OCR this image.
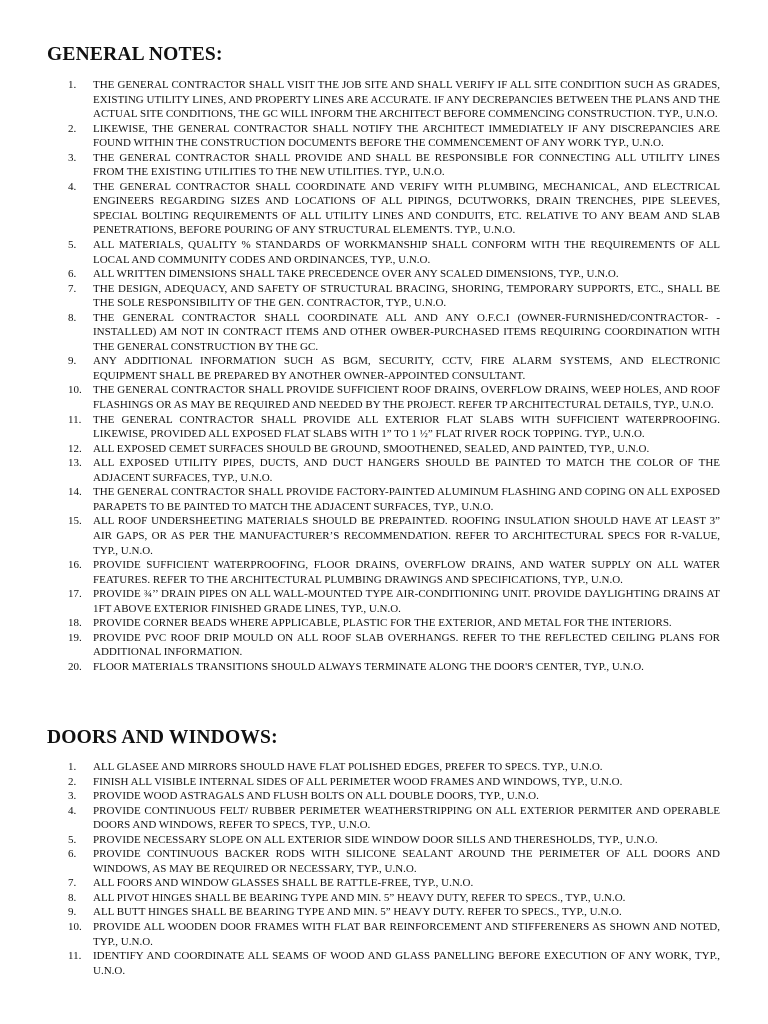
GENERAL NOTES:
1.	THE GENERAL CONTRACTOR SHALL VISIT THE JOB SITE AND SHALL VERIFY IF ALL SITE CONDITION SUCH AS GRADES, EXISTING UTILITY LINES, AND PROPERTY LINES ARE ACCURATE. IF ANY DECREPANCIES BETWEEN THE PLANS AND THE ACTUAL SITE CONDITIONS, THE GC WILL INFORM THE ARCHITECT BEFORE COMMENCING CONSTRUCTION. TYP., U.N.O.
2.	LIKEWISE, THE GENERAL CONTRACTOR SHALL NOTIFY THE ARCHITECT IMMEDIATELY IF ANY DISCREPANCIES ARE FOUND WITHIN THE CONSTRUCTION DOCUMENTS BEFORE THE COMMENCEMENT OF ANY WORK TYP., U.N.O.
3.	THE GENERAL CONTRACTOR SHALL PROVIDE AND SHALL BE RESPONSIBLE FOR CONNECTING ALL UTILITY LINES FROM THE EXISTING UTILITIES TO THE NEW UTILITIES. TYP., U.N.O.
4.	THE GENERAL CONTRACTOR SHALL COORDINATE AND VERIFY WITH PLUMBING, MECHANICAL, AND ELECTRICAL ENGINEERS REGARDING SIZES AND LOCATIONS OF ALL PIPINGS, DCUTWORKS, DRAIN TRENCHES, PIPE SLEEVES, SPECIAL BOLTING REQUIREMENTS OF ALL UTILITY LINES AND CONDUITS, ETC. RELATIVE TO ANY BEAM AND SLAB PENETRATIONS, BEFORE POURING OF ANY STRUCTURAL ELEMENTS. TYP., U.N.O.
5.	ALL MATERIALS, QUALITY % STANDARDS OF WORKMANSHIP SHALL CONFORM WITH THE REQUIREMENTS OF ALL LOCAL AND COMMUNITY CODES AND ORDINANCES, TYP., U.N.O.
6.	ALL WRITTEN DIMENSIONS SHALL TAKE PRECEDENCE OVER ANY SCALED DIMENSIONS, TYP., U.N.O.
7.	THE DESIGN, ADEQUACY, AND SAFETY OF STRUCTURAL BRACING, SHORING, TEMPORARY SUPPORTS, ETC., SHALL BE THE SOLE RESPONSIBILITY OF THE GEN. CONTRACTOR, TYP., U.N.O.
8.	THE GENERAL CONTRACTOR SHALL COORDINATE ALL AND ANY O.F.C.I (OWNER-FURNISHED/CONTRACTOR- - INSTALLED) AM NOT IN CONTRACT ITEMS AND OTHER OWBER-PURCHASED ITEMS REQUIRING COORDINATION WITH THE GENERAL CONSTRUCTION BY THE GC.
9.	ANY ADDITIONAL INFORMATION SUCH AS BGM, SECURITY, CCTV, FIRE ALARM SYSTEMS, AND ELECTRONIC EQUIPMENT SHALL BE PREPARED BY ANOTHER OWNER-APPOINTED CONSULTANT.
10.	THE GENERAL CONTRACTOR SHALL PROVIDE SUFFICIENT ROOF DRAINS, OVERFLOW DRAINS, WEEP HOLES, AND ROOF FLASHINGS OR AS MAY BE REQUIRED AND NEEDED BY THE PROJECT. REFER TP ARCHITECTURAL DETAILS, TYP., U.N.O.
11.	THE GENERAL CONTRACTOR SHALL PROVIDE ALL EXTERIOR FLAT SLABS WITH SUFFICIENT WATERPROOFING. LIKEWISE, PROVIDED ALL EXPOSED FLAT SLABS WITH 1” TO 1 ½” FLAT RIVER ROCK TOPPING. TYP., U.N.O.
12.	ALL EXPOSED CEMET SURFACES SHOULD BE GROUND, SMOOTHENED, SEALED, AND PAINTED, TYP., U.N.O.
13.	ALL EXPOSED UTILITY PIPES, DUCTS, AND DUCT HANGERS SHOULD BE PAINTED TO MATCH THE COLOR OF THE ADJACENT SURFACES, TYP., U.N.O.
14.	THE GENERAL CONTRACTOR SHALL PROVIDE FACTORY-PAINTED ALUMINUM FLASHING AND COPING ON ALL EXPOSED PARAPETS TO BE PAINTED TO MATCH THE ADJACENT SURFACES, TYP., U.N.O.
15.	ALL ROOF UNDERSHEETING MATERIALS SHOULD BE PREPAINTED. ROOFING INSULATION SHOULD HAVE AT LEAST 3” AIR GAPS, OR AS PER THE MANUFACTURER’S RECOMMENDATION. REFER TO ARCHITECTURAL SPECS FOR R-VALUE, TYP., U.N.O.
16.	PROVIDE SUFFICIENT WATERPROOFING, FLOOR DRAINS, OVERFLOW DRAINS, AND WATER SUPPLY ON ALL WATER FEATURES. REFER TO THE ARCHITECTURAL PLUMBING DRAWINGS AND SPECIFICATIONS, TYP., U.N.O.
17.	PROVIDE ¾’’ DRAIN PIPES ON ALL WALL-MOUNTED TYPE AIR-CONDITIONING UNIT. PROVIDE DAYLIGHTING DRAINS AT 1FT ABOVE EXTERIOR FINISHED GRADE LINES, TYP., U.N.O.
18.	PROVIDE CORNER BEADS WHERE APPLICABLE, PLASTIC FOR THE EXTERIOR, AND METAL FOR THE INTERIORS.
19.	PROVIDE PVC ROOF DRIP MOULD ON ALL ROOF SLAB OVERHANGS. REFER TO THE REFLECTED CEILING PLANS FOR ADDITIONAL INFORMATION.
20.	FLOOR MATERIALS TRANSITIONS SHOULD ALWAYS TERMINATE ALONG THE DOOR'S CENTER, TYP., U.N.O.
DOORS AND WINDOWS:
1.	ALL GLASEE AND MIRRORS SHOULD HAVE FLAT POLISHED EDGES, PREFER TO SPECS. TYP., U.N.O.
2.	FINISH ALL VISIBLE INTERNAL SIDES OF ALL PERIMETER WOOD FRAMES AND WINDOWS, TYP., U.N.O.
3.	PROVIDE WOOD ASTRAGALS AND FLUSH BOLTS ON ALL DOUBLE DOORS, TYP., U.N.O.
4.	PROVIDE CONTINUOUS FELT/ RUBBER PERIMETER WEATHERSTRIPPING ON ALL EXTERIOR PERMITER AND OPERABLE DOORS AND WINDOWS, REFER TO SPECS, TYP., U.N.O.
5.	PROVIDE NECESSARY SLOPE ON ALL EXTERIOR SIDE WINDOW DOOR SILLS AND THERESHOLDS, TYP., U.N.O.
6.	PROVIDE CONTINUOUS BACKER RODS WITH SILICONE SEALANT AROUND THE PERIMETER OF ALL DOORS AND WINDOWS, AS MAY BE REQUIRED OR NECESSARY, TYP., U.N.O.
7.	ALL FOORS AND WINDOW GLASSES SHALL BE RATTLE-FREE, TYP., U.N.O.
8.	ALL PIVOT HINGES SHALL BE BEARING TYPE AND MIN. 5” HEAVY DUTY, REFER TO SPECS., TYP., U.N.O.
9.	ALL BUTT HINGES SHALL BE BEARING TYPE AND MIN. 5” HEAVY DUTY. REFER TO SPECS., TYP., U.N.O.
10.	PROVIDE ALL WOODEN DOOR FRAMES WITH FLAT BAR REINFORCEMENT AND STIFFERENERS AS SHOWN AND NOTED, TYP., U.N.O.
11.	IDENTIFY AND COORDINATE ALL SEAMS OF WOOD AND GLASS PANELLING BEFORE EXECUTION OF ANY WORK, TYP., U.N.O.
